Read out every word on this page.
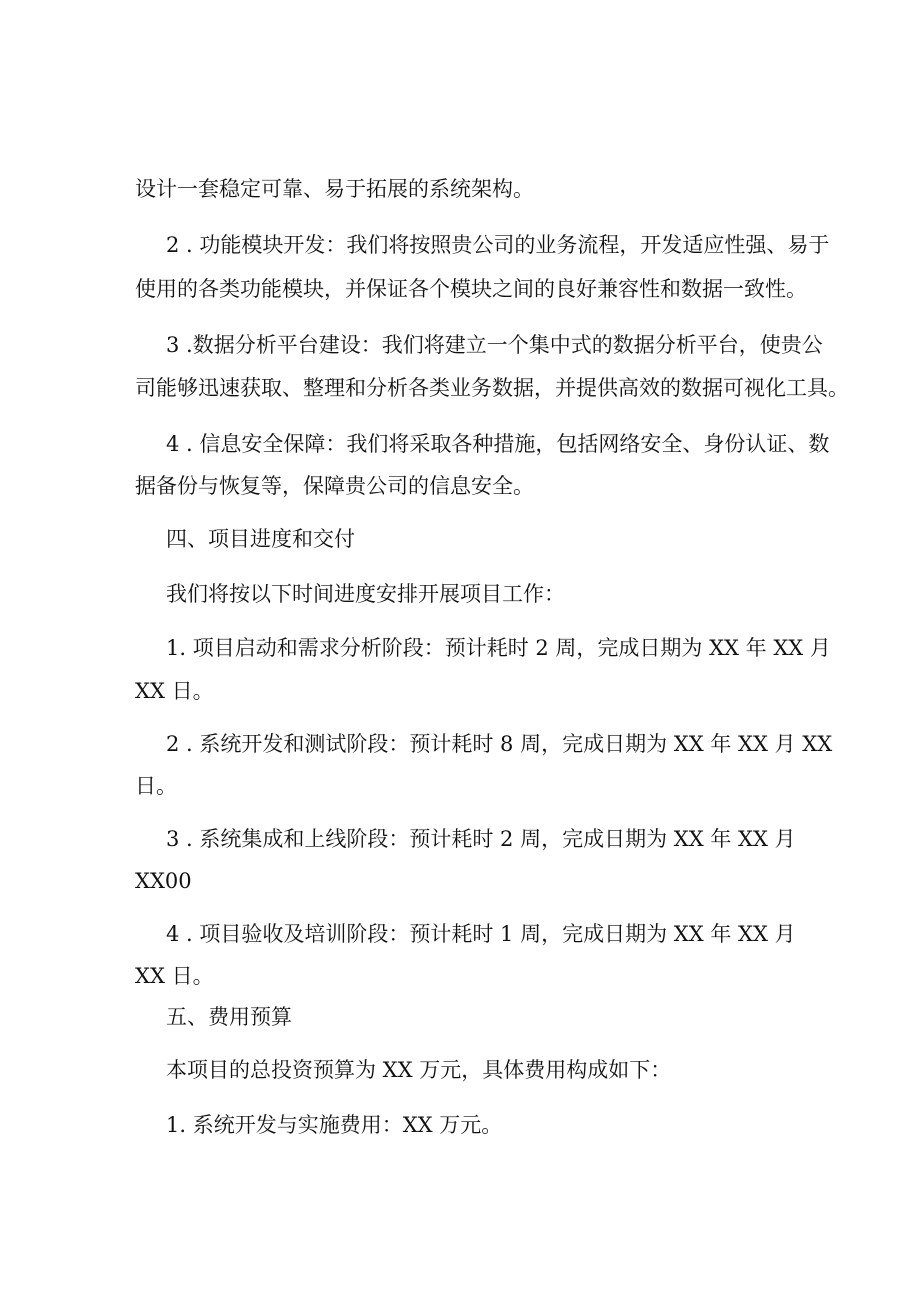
设计一套稳定可靠、易于拓展的系统架构。
2 . 功能模块开发：我们将按照贵公司的业务流程，开发适应性强、易于
使用的各类功能模块，并保证各个模块之间的良好兼容性和数据一致性。
3 .数据分析平台建设：我们将建立一个集中式的数据分析平台，使贵公
司能够迅速获取、整理和分析各类业务数据，并提供高效的数据可视化工具。
4 . 信息安全保障：我们将采取各种措施，包括网络安全、身份认证、数
据备份与恢复等，保障贵公司的信息安全。
四、项目进度和交付
我们将按以下时间进度安排开展项目工作：
1. 项目启动和需求分析阶段：预计耗时 2 周，完成日期为 XX 年 XX 月
XX 日。
2 . 系统开发和测试阶段：预计耗时 8 周，完成日期为 XX 年 XX 月 XX
日。
3 . 系统集成和上线阶段：预计耗时 2 周，完成日期为 XX 年 XX 月
XX00
4 . 项目验收及培训阶段：预计耗时 1 周，完成日期为 XX 年 XX 月
XX 日。
五、费用预算
本项目的总投资预算为 XX 万元，具体费用构成如下：
1. 系统开发与实施费用：XX 万元。
